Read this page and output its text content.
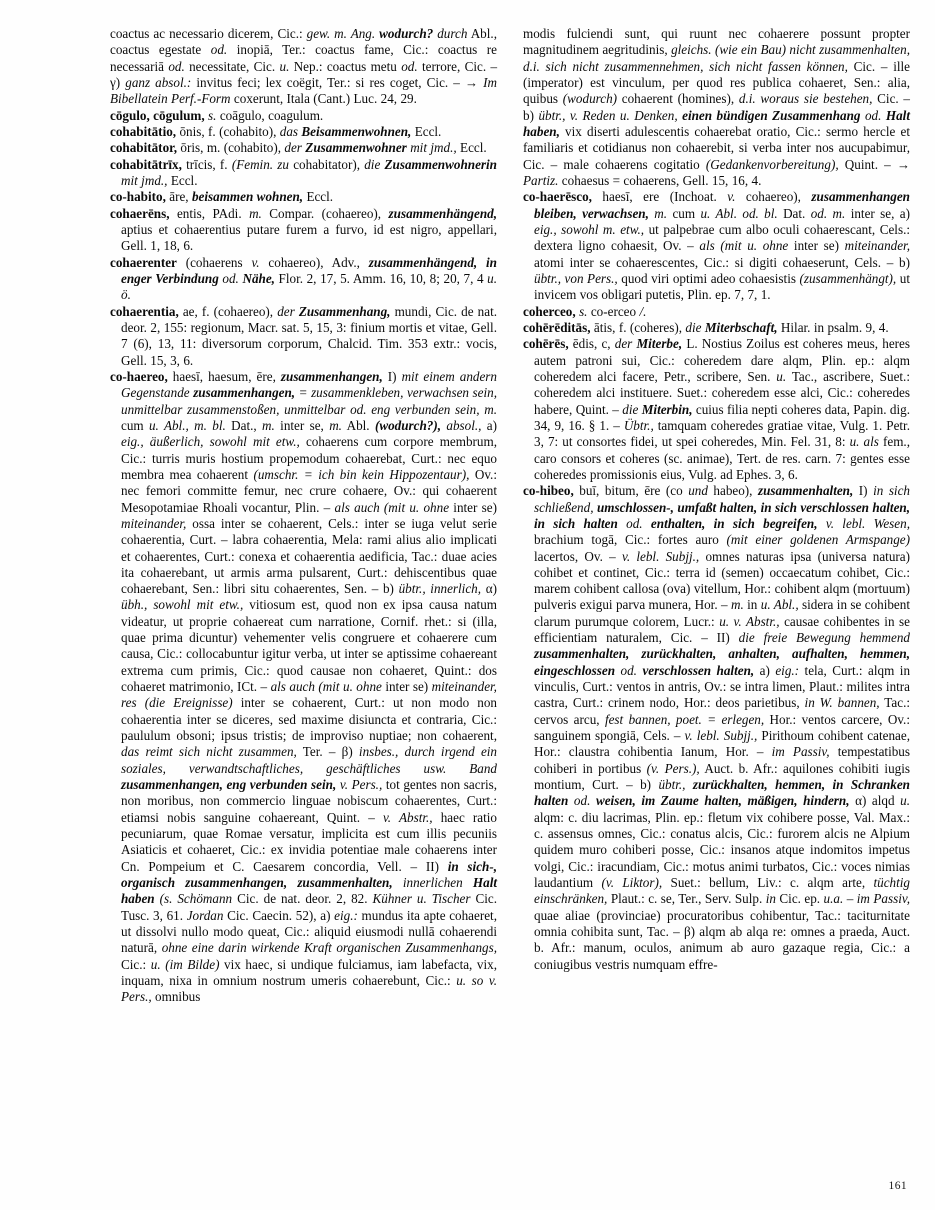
coactus ac necessario dicerem, Cic.: gew. m. Ang. wodurch? durch Abl., coactus egestate od. inopiā, Ter.: coactus fame, Cic.: coactus re necessariā od. necessitate, Cic. u. Nep.: coactus metu od. terrore, Cic. – γ) ganz absol.: invitus feci; lex coëgit, Ter.: si res coget, Cic. – → Im Bibellatein Perf.-Form coxerunt, Itala (Cant.) Luc. 24, 29.

cōgulo, cōgulum, s. coāgulo, coagulum.

cohabitātio, ōnis, f. (cohabito), das Beisammenwohnen, Eccl.

cohabitātor, ōris, m. (cohabito), der Zusammenwohner mit jmd., Eccl.

cohabitātrīx, trīcis, f. (Femin. zu cohabitator), die Zusammenwohnerin mit jmd., Eccl.

co-habito, āre, beisammen wohnen, Eccl.

cohaerēns, entis, PAdi. m. Compar. (cohaereo), zusammenhängend, aptius et cohaerentius putare furem a furvo, id est nigro, appellari, Gell. 1, 18, 6.

cohaerenter (cohaerens v. cohaereo), Adv., zusammenhängend, in enger Verbindung od. Nähe, Flor. 2, 17, 5. Amm. 16, 10, 8; 20, 7, 4 u. ö.

cohaerentia, ae, f. (cohaereo), der Zusammenhang, mundi, Cic. de nat. deor. 2, 155: regionum, Macr. sat. 5, 15, 3: finium mortis et vitae, Gell. 7 (6), 13, 11: diversorum corporum, Chalcid. Tim. 353 extr.: vocis, Gell. 15, 3, 6.

co-haereo, haesī, haesum, ēre, zusammenhangen, I) mit einem andern Gegenstande zusammenhangen, = zusammenkleben, verwachsen sein, unmittelbar zusammenstoßen, unmittelbar od. eng verbunden sein, m. cum u. Abl., m. bl. Dat., m. inter se, m. Abl. (wodurch?), absol., a) eig., äußerlich, sowohl mit etw., cohaerens cum corpore membrum, Cic.: turris muris hostium propemodum cohaerebat, Curt.: nec equo membra mea cohaerent (umschr. = ich bin kein Hippozentaur), Ov.: nec femori committe femur, nec crure cohaere, Ov.: qui cohaerent Mesopotamiae Rhoali vocantur, Plin. – als auch (mit u. ohne inter se) miteinander, ossa inter se cohaerent, Cels.: inter se iuga velut serie cohaerentia, Curt. – labra cohaerentia, Mela: rami alius alio implicati et cohaerentes, Curt.: conexa et cohaerentia aedificia, Tac.: duae acies ita cohaerebant, ut armis arma pulsarent, Curt.: dehiscentibus quae cohaerebant, Sen.: libri situ cohaerentes, Sen. – b) übtr., innerlich, α) übh., sowohl mit etw., vitiosum est, quod non ex ipsa causa natum videatur, ut proprie cohaereat cum narratione, Cornif. rhet.: si (illa, quae prima dicuntur) vehementer velis congruere et cohaerere cum causa, Cic.: collocabuntur igitur verba, ut inter se aptissime cohaereant extrema cum primis, Cic.: quod causae non cohaeret, Quint.: dos cohaeret matrimonio, ICt. – als auch (mit u. ohne inter se) miteinander, res (die Ereignisse) inter se cohaerent, Curt.: ut non modo non cohaerentia inter se diceres, sed maxime disiuncta et contraria, Cic.: paululum obsoni; ipsus tristis; de improviso nuptiae; non cohaerent, das reimt sich nicht zusammen, Ter. – β) insbes., durch irgend ein soziales, verwandtschaftliches, geschäftliches usw. Band zusammenhangen, eng verbunden sein, v. Pers., tot gentes non sacris, non moribus, non commercio linguae nobiscum cohaerentes, Curt.: etiamsi nobis sanguine cohaereant, Quint. – v. Abstr., haec ratio pecuniarum, quae Romae versatur, implicita est cum illis pecuniis Asiaticis et cohaeret, Cic.: ex invidia potentiae male cohaerens inter Cn. Pompeium et C. Caesarem concordia, Vell. – II) in sich-, organisch zusammenhangen, zusammenhalten, innerlichen Halt haben (s. Schömann Cic. de nat. deor. 2, 82. Kühner u. Tischer Cic. Tusc. 3, 61. Jordan Cic. Caecin. 52), a) eig.: mundus ita apte cohaeret, ut dissolvi nullo modo queat, Cic.: aliquid eiusmodi nullā cohaerendi naturā, ohne eine darin wirkende Kraft organischen Zusammenhangs, Cic.: u. (im Bilde) vix haec, si undique fulciamus, iam labefacta, vix, inquam, nixa in omnium nostrum umeris cohaerebunt, Cic.: u. so v. Pers., omnibus

modis fulciendi sunt, qui ruunt nec cohaerere possunt propter magnitudinem aegritudinis, gleichs. (wie ein Bau) nicht zusammenhalten, d.i. sich nicht zusammennehmen, sich nicht fassen können, Cic. – ille (imperator) est vinculum, per quod res publica cohaeret, Sen.: alia, quibus (wodurch) cohaerent (homines), d.i. woraus sie bestehen, Cic. – b) übtr., v. Reden u. Denken, einen bündigen Zusammenhang od. Halt haben, vix diserti adulescentis cohaerebat oratio, Cic.: sermo hercle et familiaris et cotidianus non cohaerebit, si verba inter nos aucupabimur, Cic. – male cohaerens cogitatio (Gedankenvorbereitung), Quint. – → Partiz. cohaesus = cohaerens, Gell. 15, 16, 4.

co-haerēsco, haesī, ere (Inchoat. v. cohaereo), zusammenhangen bleiben, verwachsen, m. cum u. Abl. od. bl. Dat. od. m. inter se, a) eig., sowohl m. etw., ut palpebrae cum albo oculi cohaerescant, Cels.: dextera ligno cohaesit, Ov. – als (mit u. ohne inter se) miteinander, atomi inter se cohaerescentes, Cic.: si digiti cohaeserunt, Cels. – b) übtr., von Pers., quod viri optimi adeo cohaesistis (zusammenhängt), ut invicem vos obligari putetis, Plin. ep. 7, 7, 1.

coherceo, s. co-erceo /.

cohērēditās, ātis, f. (coheres), die Miterbschaft, Hilar. in psalm. 9, 4.

cohērēs, ēdis, c, der Miterbe, L. Nostius Zoilus est coheres meus, heres autem patroni sui, Cic.: coheredem dare alqm, Plin. ep.: alqm coheredem alci facere, Petr., scribere, Sen. u. Tac., ascribere, Suet.: coheredem alci instituere. Suet.: coheredem esse alci, Cic.: coheredes habere, Quint. – die Miterbin, cuius filia nepti coheres data, Papin. dig. 34, 9, 16. § 1. – Übtr., tamquam coheredes gratiae vitae, Vulg. 1. Petr. 3, 7: ut consortes fidei, ut spei coheredes, Min. Fel. 31, 8: u. als fem., caro consors et coheres (sc. animae), Tert. de res. carn. 7: gentes esse coheredes promissionis eius, Vulg. ad Ephes. 3, 6.

co-hibeo, buī, bitum, ēre (co und habeo), zusammenhalten, I) in sich schließend, umschlossen-, umfaßt halten, in sich verschlossen halten, in sich halten od. enthalten, in sich begreifen, v. lebl. Wesen, brachium togā, Cic.: fortes auro (mit einer goldenen Armspange) lacertos, Ov. – v. lebl. Subjj., omnes naturas ipsa (universa natura) cohibet et continet, Cic.: terra id (semen) occaecatum cohibet, Cic.: marem cohibent callosa (ova) vitellum, Hor.: cohibent alqm (mortuum) pulveris exigui parva munera, Hor. – m. in u. Abl., sidera in se cohibent clarum purumque colorem, Lucr.: u. v. Abstr., causae cohibentes in se efficientiam naturalem, Cic. – II) die freie Bewegung hemmend zusammenhalten, zurückhalten, anhalten, aufhalten, hemmen, eingeschlossen od. verschlossen halten, a) eig.: tela, Curt.: alqm in vinculis, Curt.: ventos in antris, Ov.: se intra limen, Plaut.: milites intra castra, Curt.: crinem nodo, Hor.: deos parietibus, in W. bannen, Tac.: cervos arcu, fest bannen, poet. = erlegen, Hor.: ventos carcere, Ov.: sanguinem spongiā, Cels. – v. lebl. Subjj., Pirithoum cohibent catenae, Hor.: claustra cohibentia Ianum, Hor. – im Passiv, tempestatibus cohiberi in portibus (v. Pers.), Auct. b. Afr.: aquilones cohibiti iugis montium, Curt. – b) übtr., zurückhalten, hemmen, in Schranken halten od. weisen, im Zaume halten, mäßigen, hindern, α) alqd u. alqm: c. diu lacrimas, Plin. ep.: fletum vix cohibere posse, Val. Max.: c. assensus omnes, Cic.: conatus alcis, Cic.: furorem alcis ne Alpium quidem muro cohiberi posse, Cic.: insanos atque indomitos impetus volgi, Cic.: iracundiam, Cic.: motus animi turbatos, Cic.: voces nimias laudantium (v. Liktor), Suet.: bellum, Liv.: c. alqm arte, tüchtig einschränken, Plaut.: c. se, Ter., Serv. Sulp. in Cic. ep. u.a. – im Passiv, quae aliae (provinciae) procuratoribus cohibentur, Tac.: taciturnitate omnia cohibita sunt, Tac. – β) alqm ab alqa re: omnes a praeda, Auct. b. Afr.: manum, oculos, animum ab auro gazaque regia, Cic.: a coniugibus vestris numquam effre-

161
